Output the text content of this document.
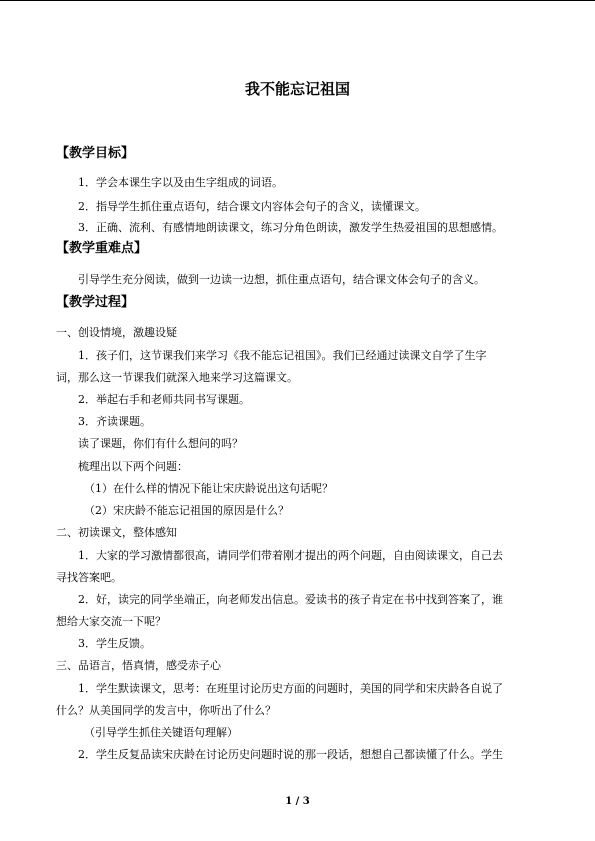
我不能忘记祖国
【教学目标】

1．学会本课生字以及由生字组成的词语。

2．指导学生抓住重点语句，结合课文内容体会句子的含义，读懂课文。

3．正确、流利、有感情地朗读课文，练习分角色朗读，激发学生热爱祖国的思想感情。

【教学重难点】

引导学生充分阅读，做到一边读一边想，抓住重点语句，结合课文体会句子的含义。

【教学过程】

一、创设情境，激趣设疑

1．孩子们，这节课我们来学习《我不能忘记祖国》。我们已经通过读课文自学了生字

词，那么这一节课我们就深入地来学习这篇课文。

2．举起右手和老师共同书写课题。

3．齐读课题。

读了课题，你们有什么想问的吗？

梳理出以下两个问题：

（1）在什么样的情况下能让宋庆龄说出这句话呢？

（2）宋庆龄不能忘记祖国的原因是什么？

二、初读课文，整体感知

1．大家的学习激情都很高，请同学们带着刚才提出的两个问题，自由阅读课文，自己去

寻找答案吧。

2．好，读完的同学坐端正，向老师发出信息。爱读书的孩子肯定在书中找到答案了，谁

想给大家交流一下呢？

3．学生反馈。

三、品语言，悟真情，感受赤子心

1．学生默读课文，思考：在班里讨论历史方面的问题时，美国的同学和宋庆龄各自说了

什么？从美国同学的发言中，你听出了什么？

（引导学生抓住关键语句理解）

2．学生反复品读宋庆龄在讨论历史问题时说的那一段话，想想自己都读懂了什么。学生

1 / 3
